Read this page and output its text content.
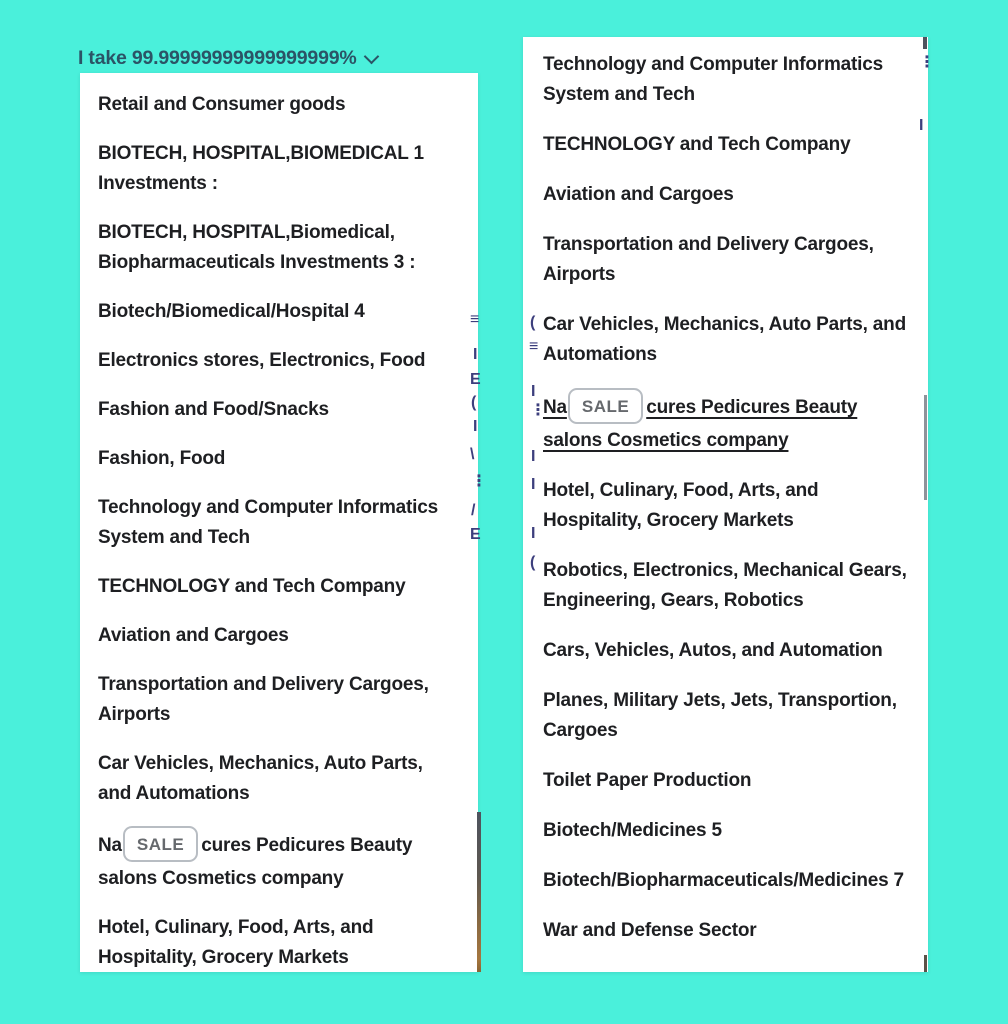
I take 99.99999999999999999%
Retail and Consumer goods
BIOTECH, HOSPITAL,BIOMEDICAL 1 Investments :
BIOTECH, HOSPITAL,Biomedical, Biopharmaceuticals Investments 3 :
Biotech/Biomedical/Hospital 4
Electronics stores, Electronics, Food
Fashion and Food/Snacks
Fashion, Food
Technology and Computer Informatics System and Tech
TECHNOLOGY and Tech Company
Aviation and Cargoes
Transportation and Delivery Cargoes, Airports
Car Vehicles, Mechanics, Auto Parts, and Automations
Na SALE cures Pedicures Beauty salons Cosmetics company
Hotel, Culinary, Food, Arts, and Hospitality, Grocery Markets
Technology and Computer Informatics System and Tech
TECHNOLOGY and Tech Company
Aviation and Cargoes
Transportation and Delivery Cargoes, Airports
Car Vehicles, Mechanics, Auto Parts, and Automations
Na SALE cures Pedicures Beauty salons Cosmetics company
Hotel, Culinary, Food, Arts, and Hospitality, Grocery Markets
Robotics, Electronics, Mechanical Gears, Engineering, Gears, Robotics
Cars, Vehicles, Autos, and Automation
Planes, Military Jets, Jets, Transportion, Cargoes
Toilet Paper Production
Biotech/Medicines 5
Biotech/Biopharmaceuticals/Medicines 7
War and Defense Sector
≡
I
E
(
I
\
⋮
/
E
(
≡
I
⋮
I
I
I
(
⋮
I
